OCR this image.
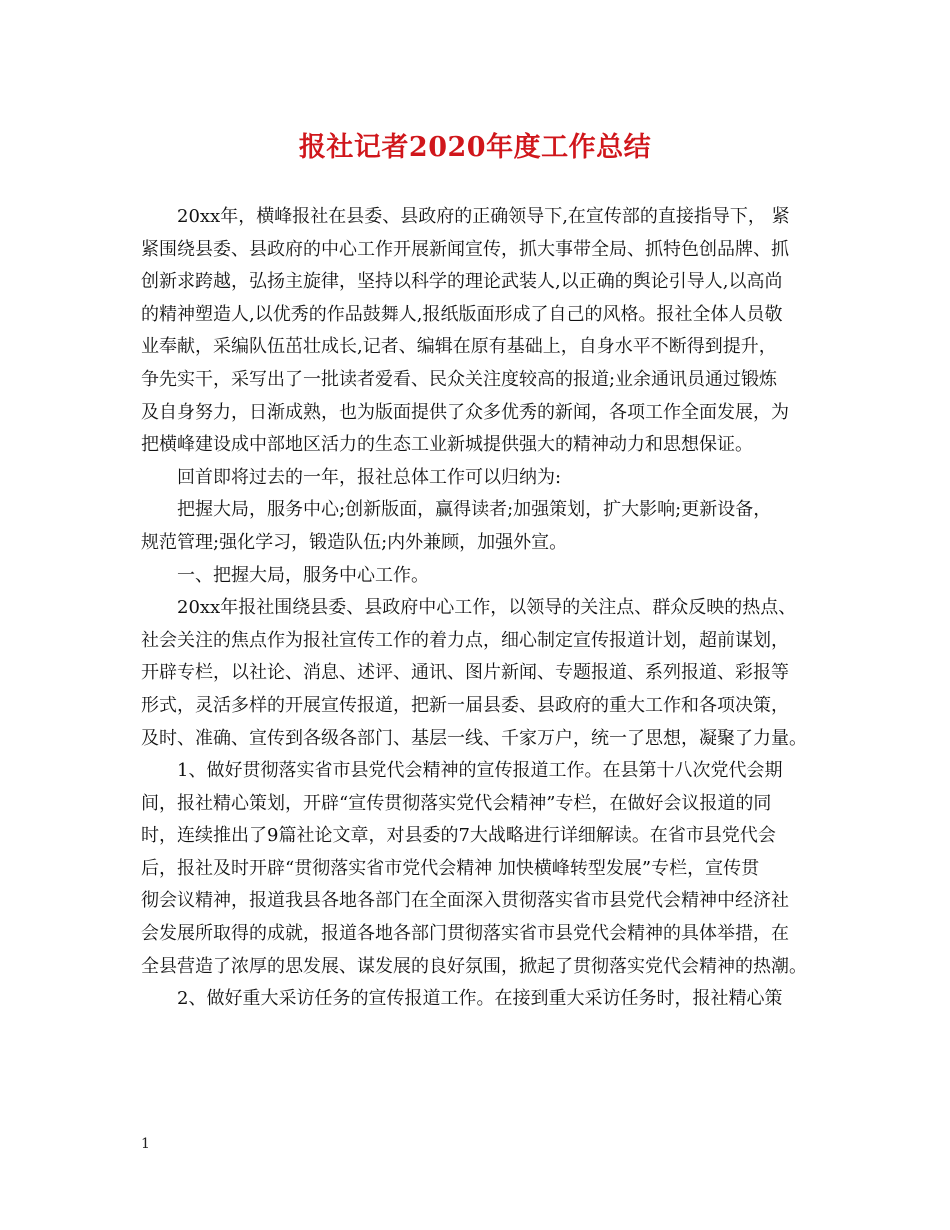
报社记者2020年度工作总结
20xx年，横峰报社在县委、县政府的正确领导下,在宣传部的直接指导下， 紧
紧围绕县委、县政府的中心工作开展新闻宣传，抓大事带全局、抓特色创品牌、抓
创新求跨越，弘扬主旋律，坚持以科学的理论武装人,以正确的舆论引导人,以高尚
的精神塑造人,以优秀的作品鼓舞人,报纸版面形成了自己的风格。报社全体人员敬
业奉献，采编队伍茁壮成长,记者、编辑在原有基础上，自身水平不断得到提升，
争先实干，采写出了一批读者爱看、民众关注度较高的报道;业余通讯员通过锻炼
及自身努力，日渐成熟，也为版面提供了众多优秀的新闻，各项工作全面发展，为
把横峰建设成中部地区活力的生态工业新城提供强大的精神动力和思想保证。
回首即将过去的一年，报社总体工作可以归纳为:
把握大局，服务中心;创新版面，赢得读者;加强策划，扩大影响;更新设备，
规范管理;强化学习，锻造队伍;内外兼顾，加强外宣。
一、把握大局，服务中心工作。
20xx年报社围绕县委、县政府中心工作，以领导的关注点、群众反映的热点、
社会关注的焦点作为报社宣传工作的着力点，细心制定宣传报道计划，超前谋划，
开辟专栏，以社论、消息、述评、通讯、图片新闻、专题报道、系列报道、彩报等
形式，灵活多样的开展宣传报道，把新一届县委、县政府的重大工作和各项决策，
及时、准确、宣传到各级各部门、基层一线、千家万户，统一了思想，凝聚了力量。
1、做好贯彻落实省市县党代会精神的宣传报道工作。在县第十八次党代会期
间，报社精心策划，开辟“宣传贯彻落实党代会精神”专栏，在做好会议报道的同
时，连续推出了9篇社论文章，对县委的7大战略进行详细解读。在省市县党代会
后，报社及时开辟“贯彻落实省市党代会精神 加快横峰转型发展”专栏，宣传贯
彻会议精神，报道我县各地各部门在全面深入贯彻落实省市县党代会精神中经济社
会发展所取得的成就，报道各地各部门贯彻落实省市县党代会精神的具体举措，在
全县营造了浓厚的思发展、谋发展的良好氛围，掀起了贯彻落实党代会精神的热潮。
2、做好重大采访任务的宣传报道工作。在接到重大采访任务时，报社精心策
1
